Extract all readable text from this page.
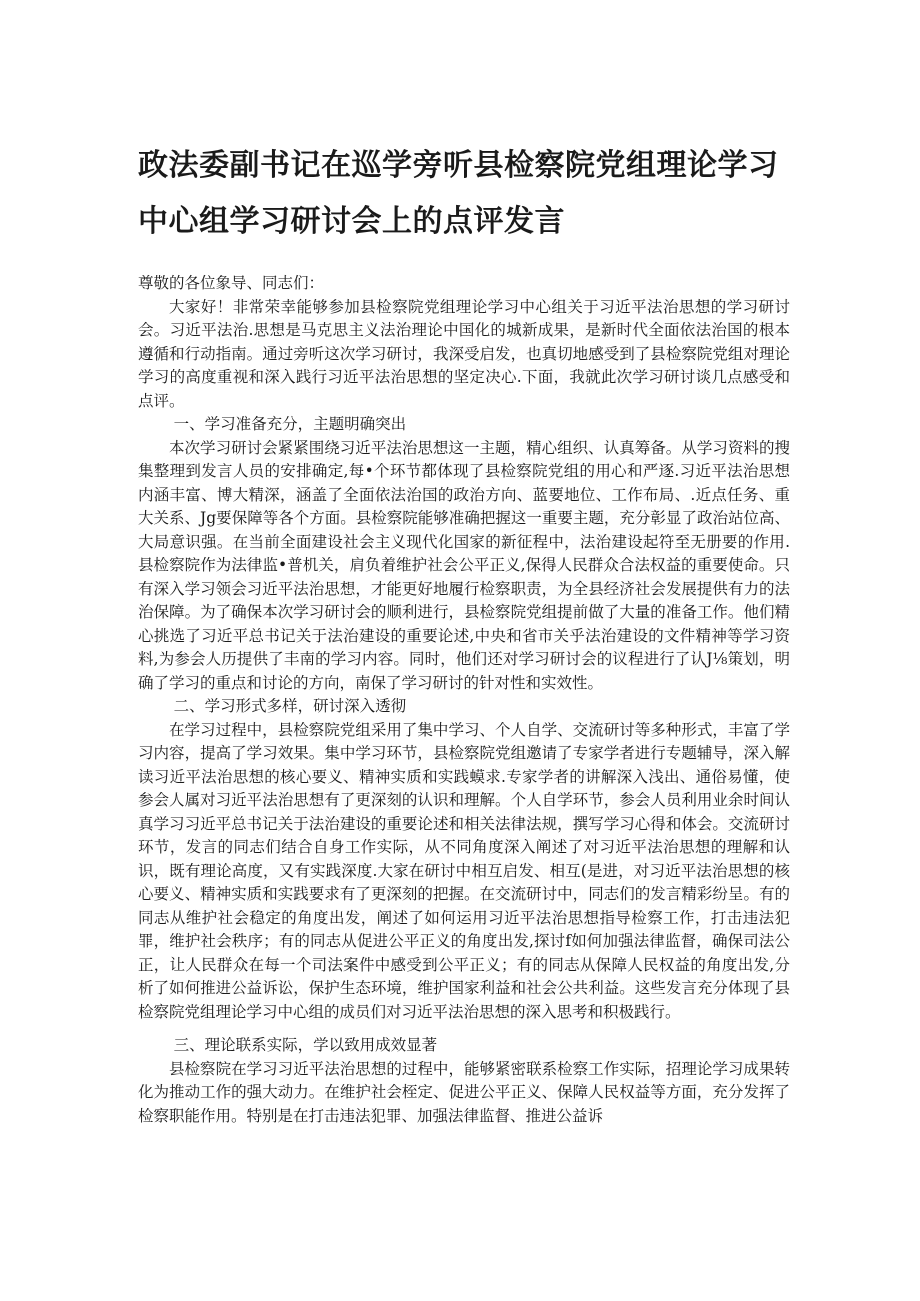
政法委副书记在巡学旁听县检察院党组理论学习中心组学习研讨会上的点评发言
尊敬的各位象导、同志们：

大家好！非常荣幸能够参加县检察院党组理论学习中心组关于习近平法治思想的学习研讨会。习近平法治.思想是马克思主义法治理论中国化的城新成果，是新时代全面依法治国的根本遵循和行动指南。通过旁听这次学习研讨，我深受启发，也真切地感受到了县检察院党组对理论学习的高度重视和深入践行习近平法治思想的坚定决心.下面，我就此次学习研讨谈几点感受和点评。

一、学习准备充分，主题明确突出

本次学习研讨会紧紧围绕习近平法治思想这一主题，精心组织、认真筹备。从学习资料的搜集整理到发言人员的安排确定,每•个环节都体现了县检察院党组的用心和严逐.习近平法治思想内涵丰富、博大精深，涵盖了全面依法治国的政治方向、蓝要地位、工作布局、.近点任务、重大关系、Jg要保障等各个方面。县检察院能够准确把握这一重要主题，充分彰显了政治站位高、大局意识强。在当前全面建设社会主义现代化国家的新征程中，法治建设起符至无册要的作用.县检察院作为法律监•普机关，肩负着维护社会公平正义,保得人民群众合法权益的重要使命。只有深入学习领会习近平法治思想，才能更好地履行检察职责，为全县经济社会发展提供有力的法治保障。为了确保本次学习研讨会的顺利进行，县检察院党组提前做了大量的准备工作。他们精心挑选了习近平总书记关于法治建设的重要论述,中央和省市关乎法治建设的文件精神等学习资料,为参会人历提供了丰南的学习内容。同时，他们还对学习研讨会的议程进行了认J⅛策划，明确了学习的重点和讨论的方向，南保了学习研讨的针对性和实效性。

二、学习形式多样，研讨深入透彻

在学习过程中，县检察院党组采用了集中学习、个人自学、交流研讨等多种形式，丰富了学习内容，提高了学习效果。集中学习环节，县检察院党组邀请了专家学者进行专题辅导，深入解读习近平法治思想的核心要义、精神实质和实践蟆求.专家学者的讲解深入浅出、通俗易懂，使参会人属对习近平法治思想有了更深刻的认识和理解。个人自学环节，参会人员利用业余时间认真学习习近平总书记关于法治建设的重要论述和相关法律法规，撰写学习心得和体会。交流研讨环节，发言的同志们结合自身工作实际，从不同角度深入阐述了对习近平法治思想的理解和认识，既有理论高度，又有实践深度.大家在研讨中相互启发、相互(是进，对习近平法治思想的核心要义、精神实质和实践要求有了更深刻的把握。在交流研讨中，同志们的发言精彩纷呈。有的同志从维护社会稳定的角度出发，阐述了如何运用习近平法治思想指导检察工作，打击违法犯罪，维护社会秩序；有的同志从促进公平正义的角度出发,探讨f如何加强法律监督，确保司法公正，让人民群众在每一个司法案件中感受到公平正义；有的同志从保障人民权益的角度出发,分析了如何推进公益诉讼，保护生态环境，维护国家利益和社会公共利益。这些发言充分体现了县检察院党组理论学习中心组的成员们对习近平法治思想的深入思考和积极践行。

三、理论联系实际，学以致用成效显著

县检察院在学习习近平法治思想的过程中，能够紧密联系检察工作实际，招理论学习成果转化为推动工作的强大动力。在维护社会桎定、促进公平正义、保障人民权益等方面，充分发挥了检察职能作用。特别是在打击违法犯罪、加强法律监督、推进公益诉
